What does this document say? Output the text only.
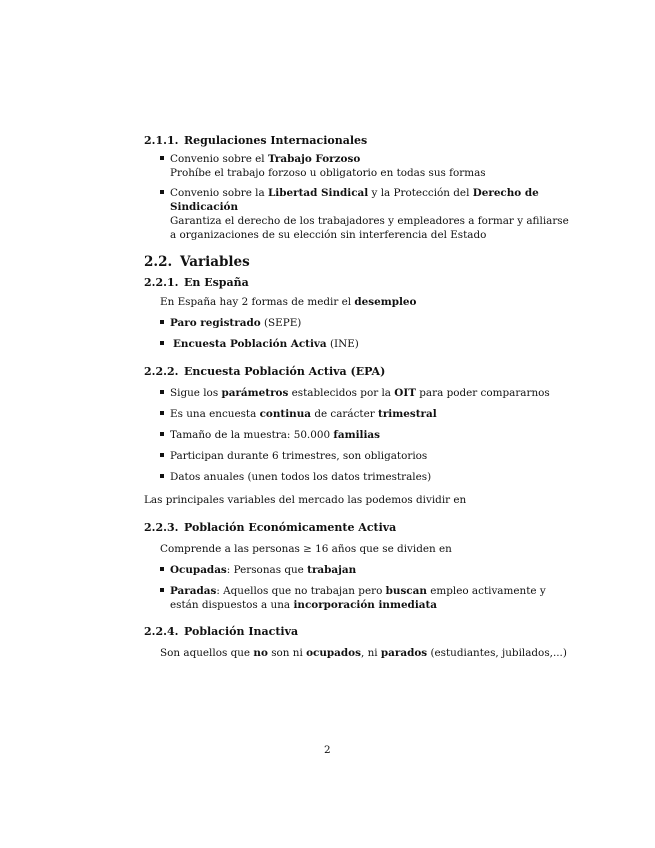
2.1.1. Regulaciones Internacionales
Convenio sobre el Trabajo Forzoso
Prohíbe el trabajo forzoso u obligatorio en todas sus formas
Convenio sobre la Libertad Sindical y la Protección del Derecho de
Sindicación
Garantiza el derecho de los trabajadores y empleadores a formar y afiliarse
a organizaciones de su elección sin interferencia del Estado
2.2. Variables
2.2.1. En España
En España hay 2 formas de medir el desempleo
Paro registrado (SEPE)
Encuesta Población Activa (INE)
2.2.2. Encuesta Población Activa (EPA)
Sigue los parámetros establecidos por la OIT para poder compararnos
Es una encuesta continua de carácter trimestral
Tamaño de la muestra: 50.000 familias
Participan durante 6 trimestres, son obligatorios
Datos anuales (unen todos los datos trimestrales)
Las principales variables del mercado las podemos dividir en
2.2.3. Población Económicamente Activa
Comprende a las personas ≥ 16 años que se dividen en
Ocupadas: Personas que trabajan
Paradas: Aquellos que no trabajan pero buscan empleo activamente y
están dispuestos a una incorporación inmediata
2.2.4. Población Inactiva
Son aquellos que no son ni ocupados, ni parados (estudiantes, jubilados,...)
2
